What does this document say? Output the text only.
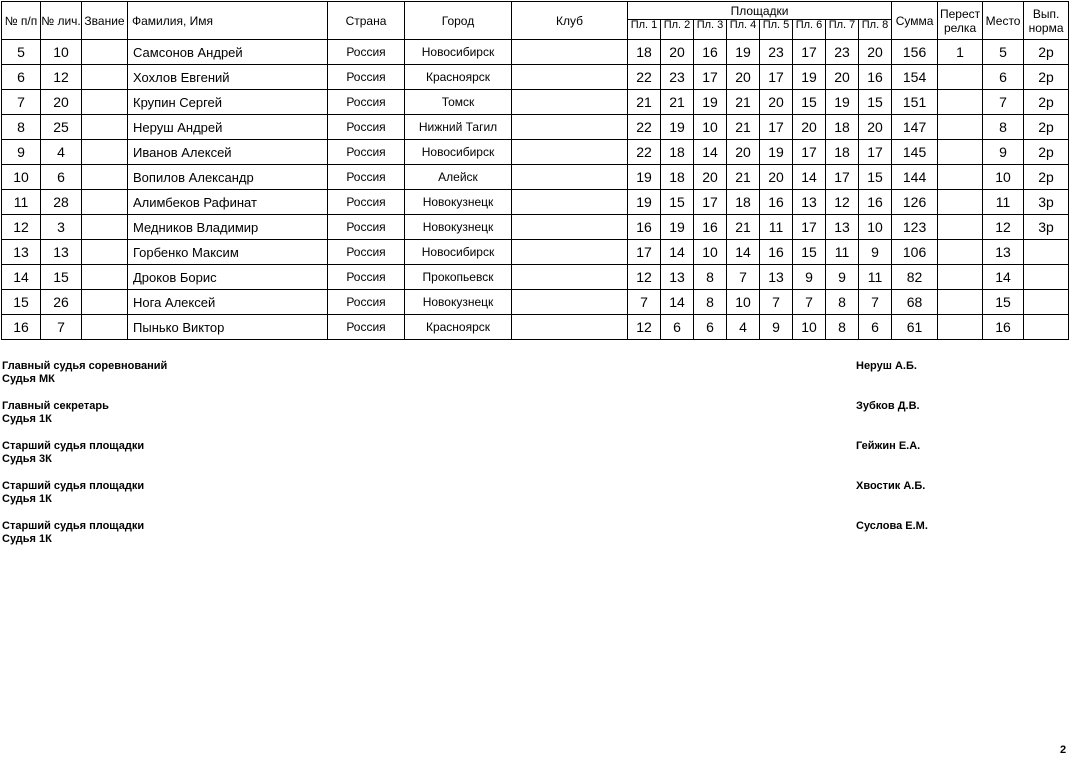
№ п/п	№ лич.	Звание	Фамилия, Имя	Страна	Город	Клуб	Площадки								Сумма	Перестрелка	Место	Вып. норма
							Пл. 1	Пл. 2	Пл. 3	Пл. 4	Пл. 5	Пл. 6	Пл. 7	Пл. 8				
5	10		Самсонов Андрей	Россия	Новосибирск		18	20	16	19	23	17	23	20	156	1	5	2р
6	12		Хохлов Евгений	Россия	Красноярск		22	23	17	20	17	19	20	16	154		6	2р
7	20		Крупин Сергей	Россия	Томск		21	21	19	21	20	15	19	15	151		7	2р
8	25		Неруш Андрей	Россия	Нижний Тагил		22	19	10	21	17	20	18	20	147		8	2р
9	4		Иванов Алексей	Россия	Новосибирск		22	18	14	20	19	17	18	17	145		9	2р
10	6		Вопилов Александр	Россия	Алейск		19	18	20	21	20	14	17	15	144		10	2р
11	28		Алимбеков Рафинат	Россия	Новокузнецк		19	15	17	18	16	13	12	16	126		11	3р
12	3		Медников Владимир	Россия	Новокузнецк		16	19	16	21	11	17	13	10	123		12	3р
13	13		Горбенко Максим	Россия	Новосибирск		17	14	10	14	16	15	11	9	106		13	
14	15		Дроков Борис	Россия	Прокопьевск		12	13	8	7	13	9	9	11	82		14	
15	26		Нога Алексей	Россия	Новокузнецк		7	14	8	10	7	7	8	7	68		15	
16	7		Пынько Виктор	Россия	Красноярск		12	6	6	4	9	10	8	6	61		16	
Главный судья соревнований
Судья МК
Неруш А.Б.
Главный секретарь
Судья 1К
Зубков Д.В.
Старший судья площадки
Судья 3К
Гейжин Е.А.
Старший судья площадки
Судья 1К
Хвостик А.Б.
Старший судья площадки
Судья 1К
Суслова Е.М.
2
